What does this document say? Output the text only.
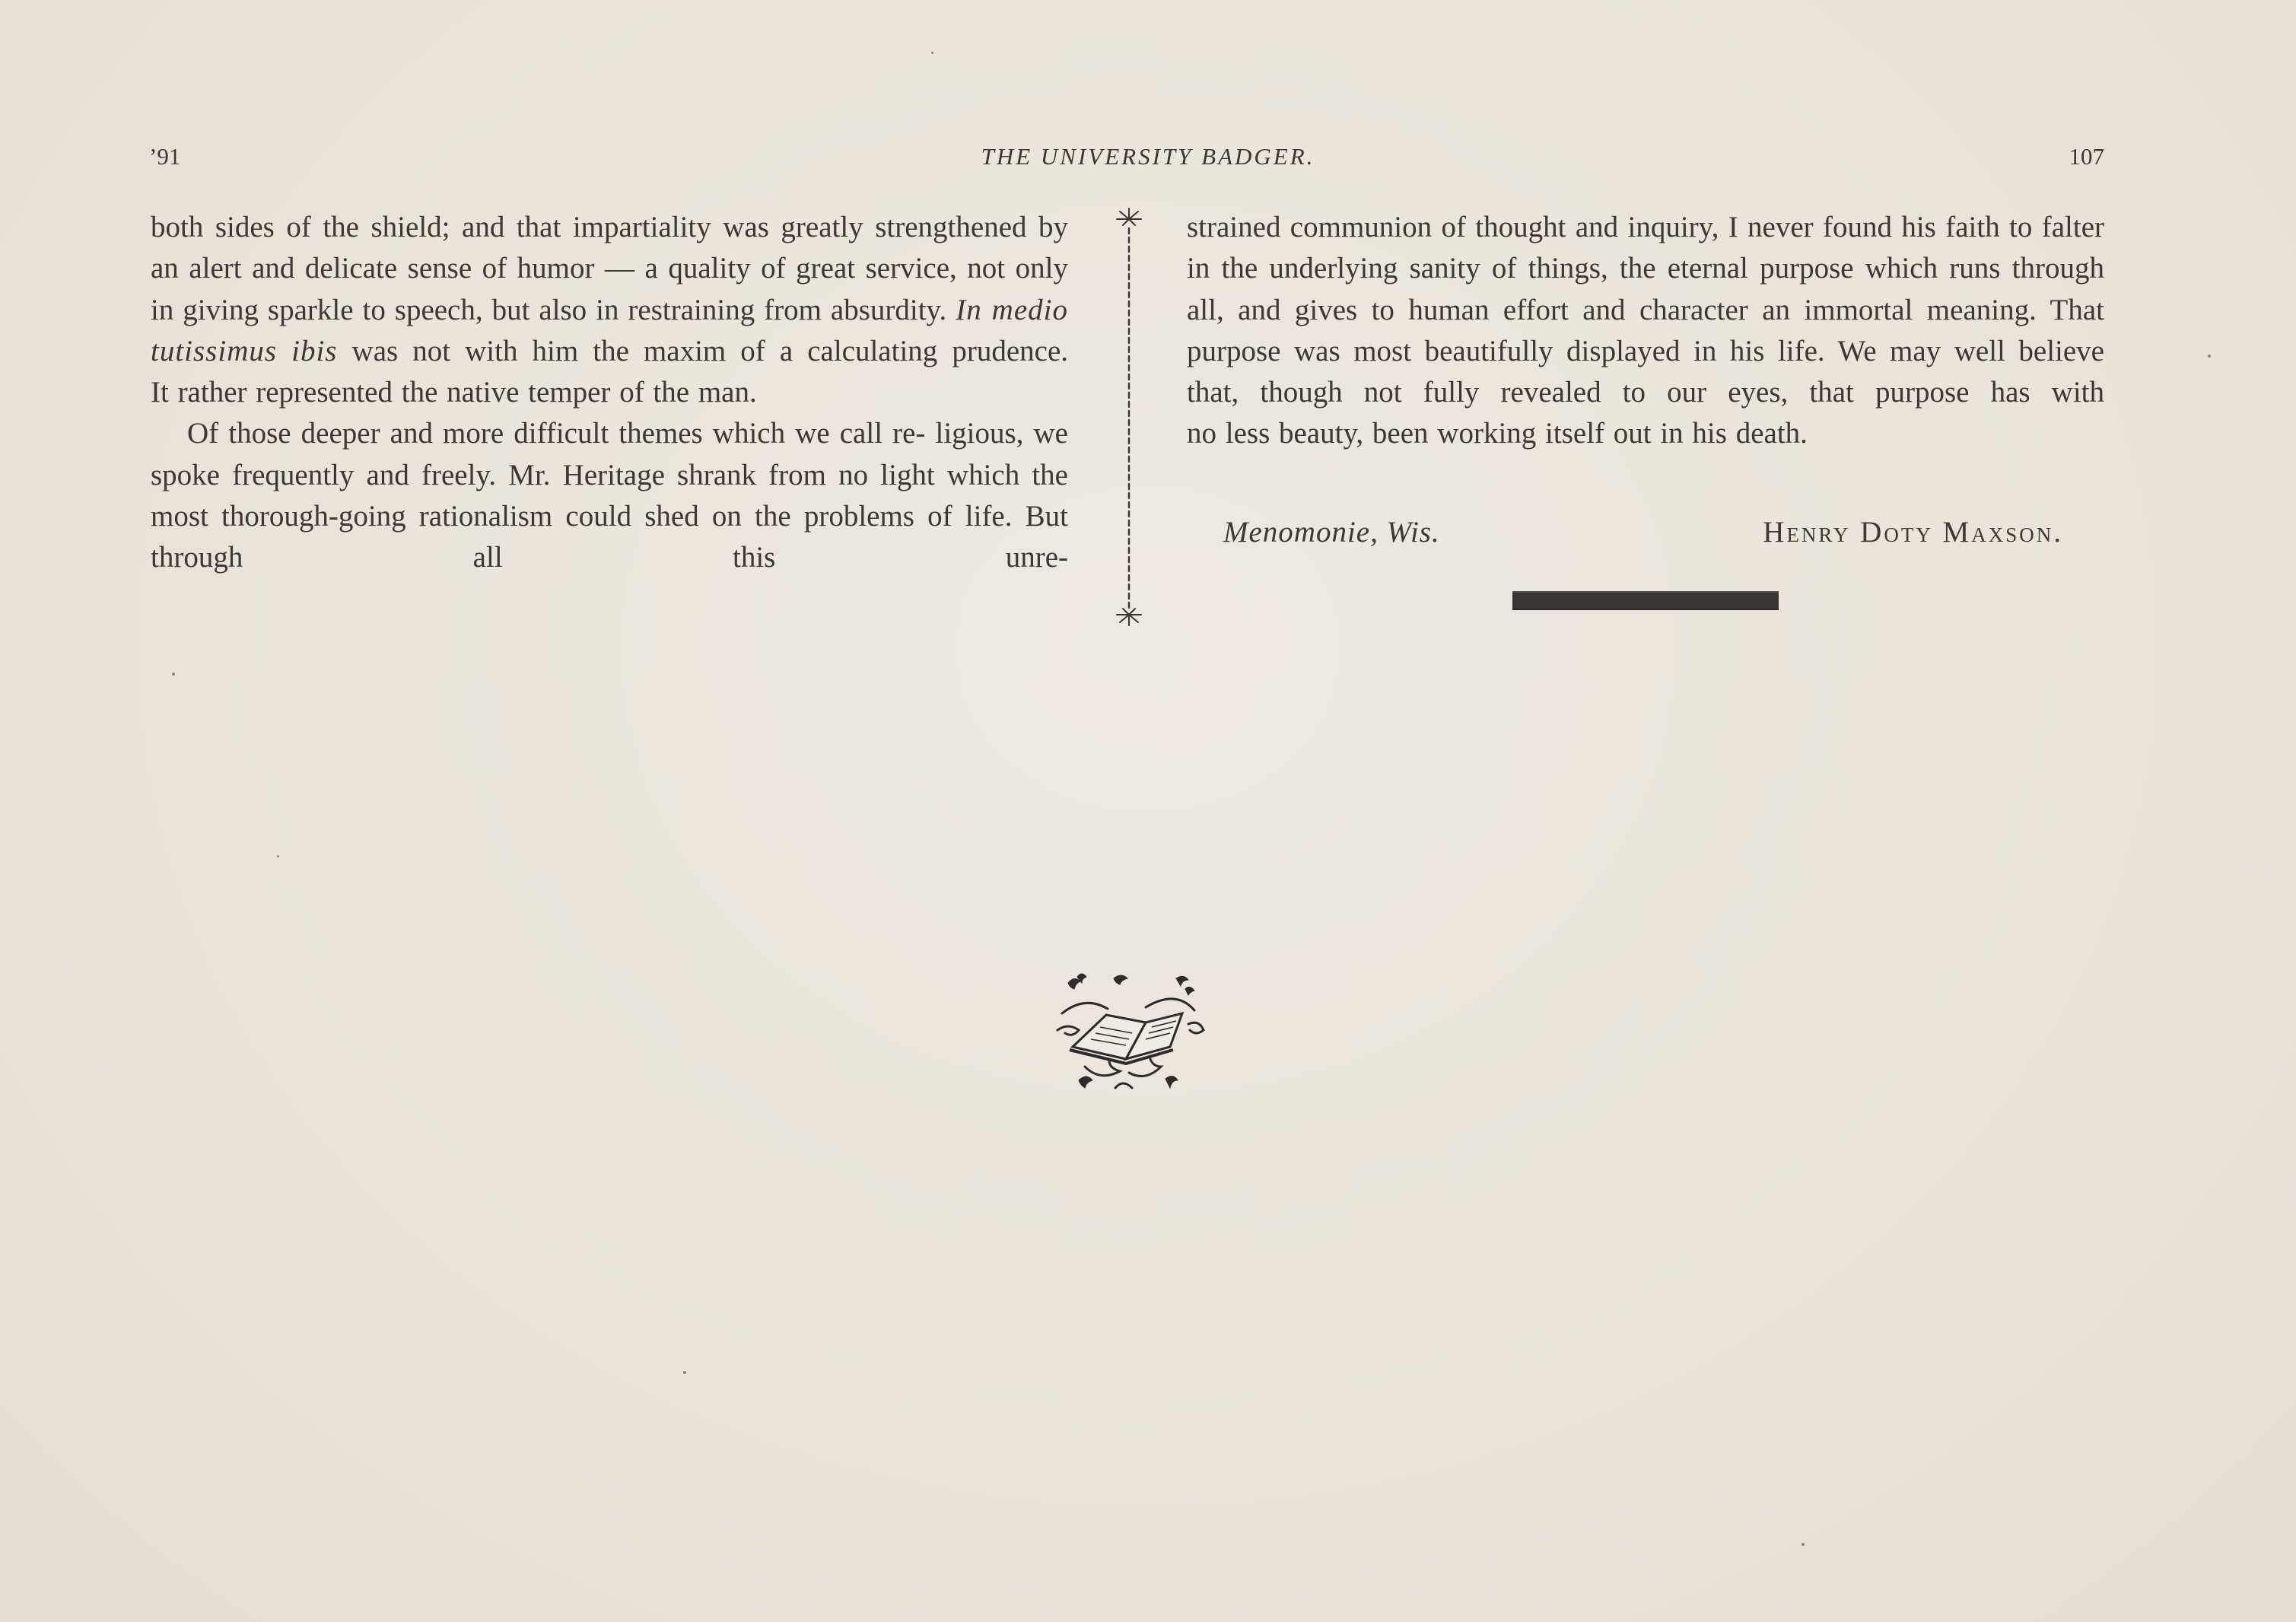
’91	THE UNIVERSITY BADGER.	107

both sides of the shield; and that impartiality was greatly strengthened by an alert and delicate sense of humor — a quality of great service, not only in giving sparkle to speech, but also in restraining from absurdity. In medio tutissimus ibis was not with him the maxim of a calculating prudence.

It rather represented the native temper of the man.

Of those deeper and more difficult themes which we call re- ligious, we spoke frequently and freely. Mr. Heritage shrank from no light which the most thorough-going rationalism could shed on the problems of life. But through all this unre-

strained communion of thought and inquiry, I never found his faith to falter in the underlying sanity of things, the eternal purpose which runs through all, and gives to human effort and character an immortal meaning. That purpose was most beautifully displayed in his life. We may well believe that, though not fully revealed to our eyes, that purpose has with

no less beauty, been working itself out in his death.

Menomonie, Wis.	Henry Doty Maxson.
